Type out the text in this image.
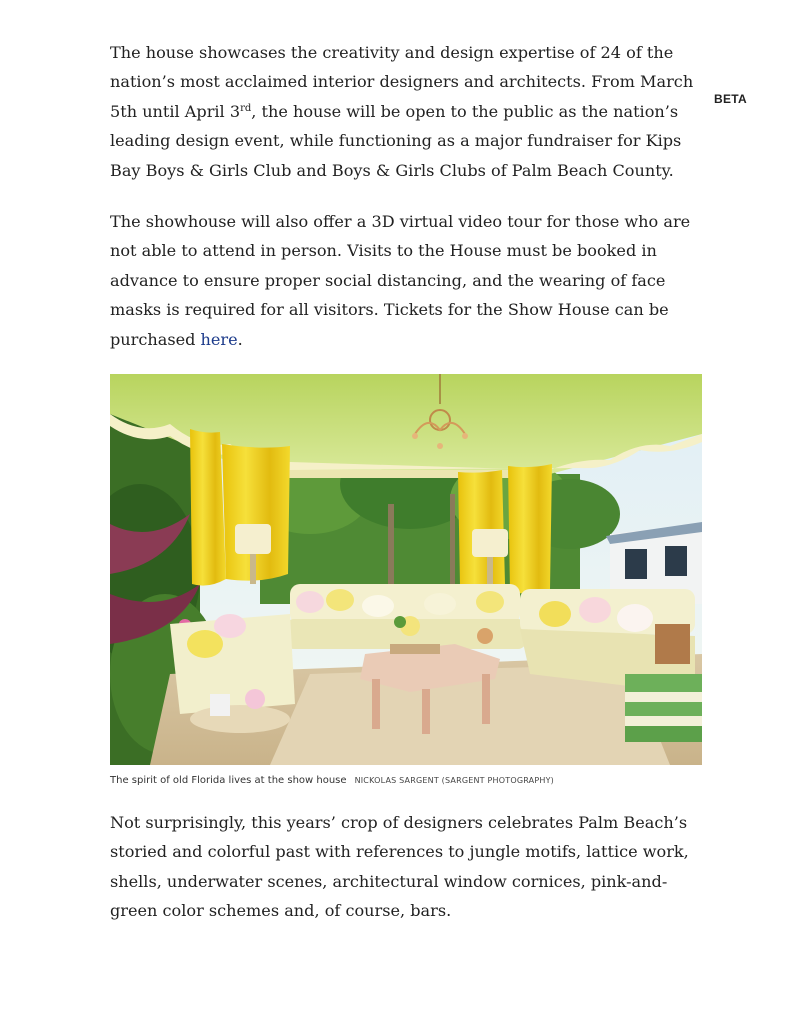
BETA

The house showcases the creativity and design expertise of 24 of the nation’s most acclaimed interior designers and architects. From March 5th until April 3rd, the house will be open to the public as the nation’s leading design event, while functioning as a major fundraiser for Kips Bay Boys & Girls Club and Boys & Girls Clubs of Palm Beach County.

The showhouse will also offer a 3D virtual video tour for those who are not able to attend in person. Visits to the House must be booked in advance to ensure proper social distancing, and the wearing of face masks is required for all visitors. Tickets for the Show House can be purchased here.

The spirit of old Florida lives at the show house NICKOLAS SARGENT (SARGENT PHOTOGRAPHY)

Not surprisingly, this years’ crop of designers celebrates Palm Beach’s storied and colorful past with references to jungle motifs, lattice work, shells, underwater scenes, architectural window cornices, pink-and-green color schemes and, of course, bars.
